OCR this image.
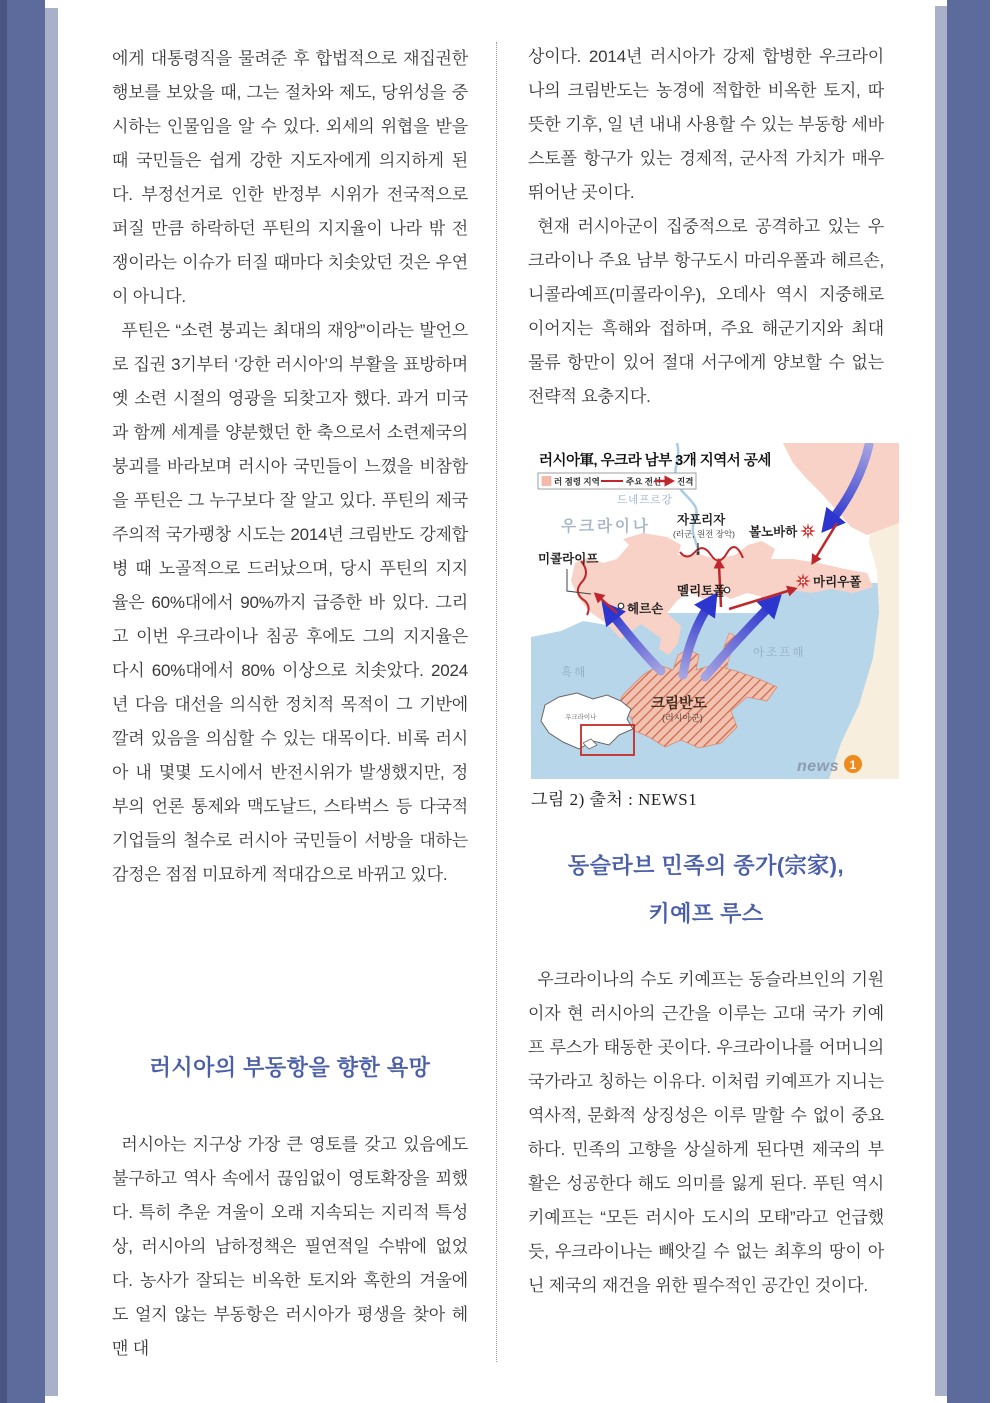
에게 대통령직을 물려준 후 합법적으로 재집권한 행보를 보았을 때, 그는 절차와 제도, 당위성을 중시하는 인물임을 알 수 있다. 외세의 위협을 받을 때 국민들은 쉽게 강한 지도자에게 의지하게 된다. 부정선거로 인한 반정부 시위가 전국적으로 퍼질 만큼 하락하던 푸틴의 지지율이 나라 밖 전쟁이라는 이슈가 터질 때마다 치솟았던 것은 우연이 아니다.

푸틴은 “소련 붕괴는 최대의 재앙”이라는 발언으로 집권 3기부터 ‘강한 러시아’의 부활을 표방하며 옛 소련 시절의 영광을 되찾고자 했다. 과거 미국과 함께 세계를 양분했던 한 축으로서 소련제국의 붕괴를 바라보며 러시아 국민들이 느꼈을 비참함을 푸틴은 그 누구보다 잘 알고 있다. 푸틴의 제국주의적 국가팽창 시도는 2014년 크림반도 강제합병 때 노골적으로 드러났으며, 당시 푸틴의 지지율은 60%대에서 90%까지 급증한 바 있다. 그리고 이번 우크라이나 침공 후에도 그의 지지율은 다시 60%대에서 80% 이상으로 치솟았다. 2024년 다음 대선을 의식한 정치적 목적이 그 기반에 깔려 있음을 의심할 수 있는 대목이다. 비록 러시아 내 몇몇 도시에서 반전시위가 발생했지만, 정부의 언론 통제와 맥도날드, 스타벅스 등 다국적 기업들의 철수로 러시아 국민들이 서방을 대하는 감정은 점점 미묘하게 적대감으로 바뀌고 있다.

러시아의 부동항을 향한 욕망

러시아는 지구상 가장 큰 영토를 갖고 있음에도 불구하고 역사 속에서 끊임없이 영토확장을 꾀했다. 특히 추운 겨울이 오래 지속되는 지리적 특성상, 러시아의 남하정책은 필연적일 수밖에 없었다. 농사가 잘되는 비옥한 토지와 혹한의 겨울에도 얼지 않는 부동항은 러시아가 평생을 찾아 헤맨 대

상이다. 2014년 러시아가 강제 합병한 우크라이나의 크림반도는 농경에 적합한 비옥한 토지, 따뜻한 기후, 일 년 내내 사용할 수 있는 부동항 세바스토폴 항구가 있는 경제적, 군사적 가치가 매우 뛰어난 곳이다.

현재 러시아군이 집중적으로 공격하고 있는 우크라이나 주요 남부 항구도시 마리우폴과 헤르손, 니콜라예프(미콜라이우), 오데사 역시 지중해로 이어지는 흑해와 접하며, 주요 해군기지와 최대 물류 항만이 있어 절대 서구에게 양보할 수 없는 전략적 요충지다.

러시아軍, 우크라 남부 3개 지역서 공세
러 점령 지역	주요 전선 진격
드네프르강
우크라이나 자포리자
(러군, 원전 장악) 볼노바하
미콜라이프
멜리토폴
헤르손
마리우폴
아조프해
흑해
크림반도
(러시아군)
우크라이나
news 1
그림 2) 출처 : NEWS1
동슬라브 민족의 종가(宗家),
키예프 루스

우크라이나의 수도 키예프는 동슬라브인의 기원이자 현 러시아의 근간을 이루는 고대 국가 키예프 루스가 태동한 곳이다. 우크라이나를 어머니의 국가라고 칭하는 이유다. 이처럼 키예프가 지니는 역사적, 문화적 상징성은 이루 말할 수 없이 중요하다. 민족의 고향을 상실하게 된다면 제국의 부활은 성공한다 해도 의미를 잃게 된다. 푸틴 역시 키예프는 “모든 러시아 도시의 모태”라고 언급했듯, 우크라이나는 빼앗길 수 없는 최후의 땅이 아닌 제국의 재건을 위한 필수적인 공간인 것이다.
